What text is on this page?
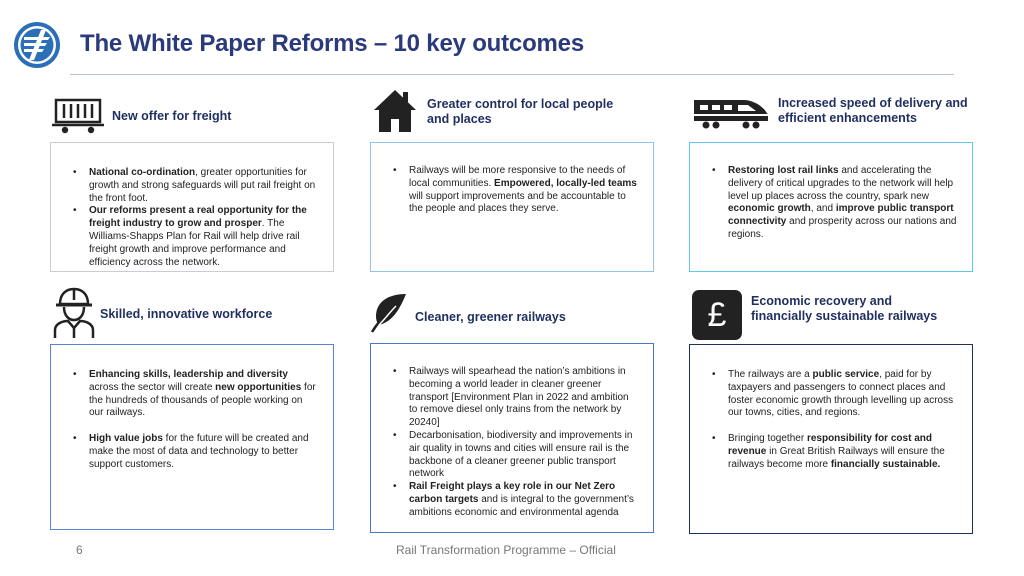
The White Paper Reforms – 10 key outcomes
New offer for freight
Greater control for local people and places
Increased speed of delivery and efficient enhancements
Skilled, innovative workforce	Cleaner, greener railways	£	Economic recovery and financially sustainable railways
• National co-ordination, greater opportunities for growth and strong safeguards will put rail freight on the front foot.
• Our reforms present a real opportunity for the freight industry to grow and prosper. The Williams-Shapps Plan for Rail will help drive rail freight growth and improve performance and efficiency across the network.
• Railways will be more responsive to the needs of local communities. Empowered, locally-led teams will support improvements and be accountable to the people and places they serve.
• Restoring lost rail links and accelerating the delivery of critical upgrades to the network will help level up places across the country, spark new economic growth, and improve public transport connectivity and prosperity across our nations and regions.
• Enhancing skills, leadership and diversity across the sector will create new opportunities for the hundreds of thousands of people working on our railways.
• High value jobs for the future will be created and make the most of data and technology to better support customers.
• Railways will spearhead the nation’s ambitions in becoming a world leader in cleaner greener transport [Environment Plan in 2022 and ambition to remove diesel only trains from the network by 20240]
• Decarbonisation, biodiversity and improvements in air quality in towns and cities will ensure rail is the backbone of a cleaner greener public transport network
• Rail Freight plays a key role in our Net Zero carbon targets and is integral to the government’s ambitions economic and environmental agenda
• The railways are a public service, paid for by taxpayers and passengers to connect places and foster economic growth through levelling up across our towns, cities, and regions.
• Bringing together responsibility for cost and revenue in Great British Railways will ensure the railways become more financially sustainable.
6	Rail Transformation Programme – Official
